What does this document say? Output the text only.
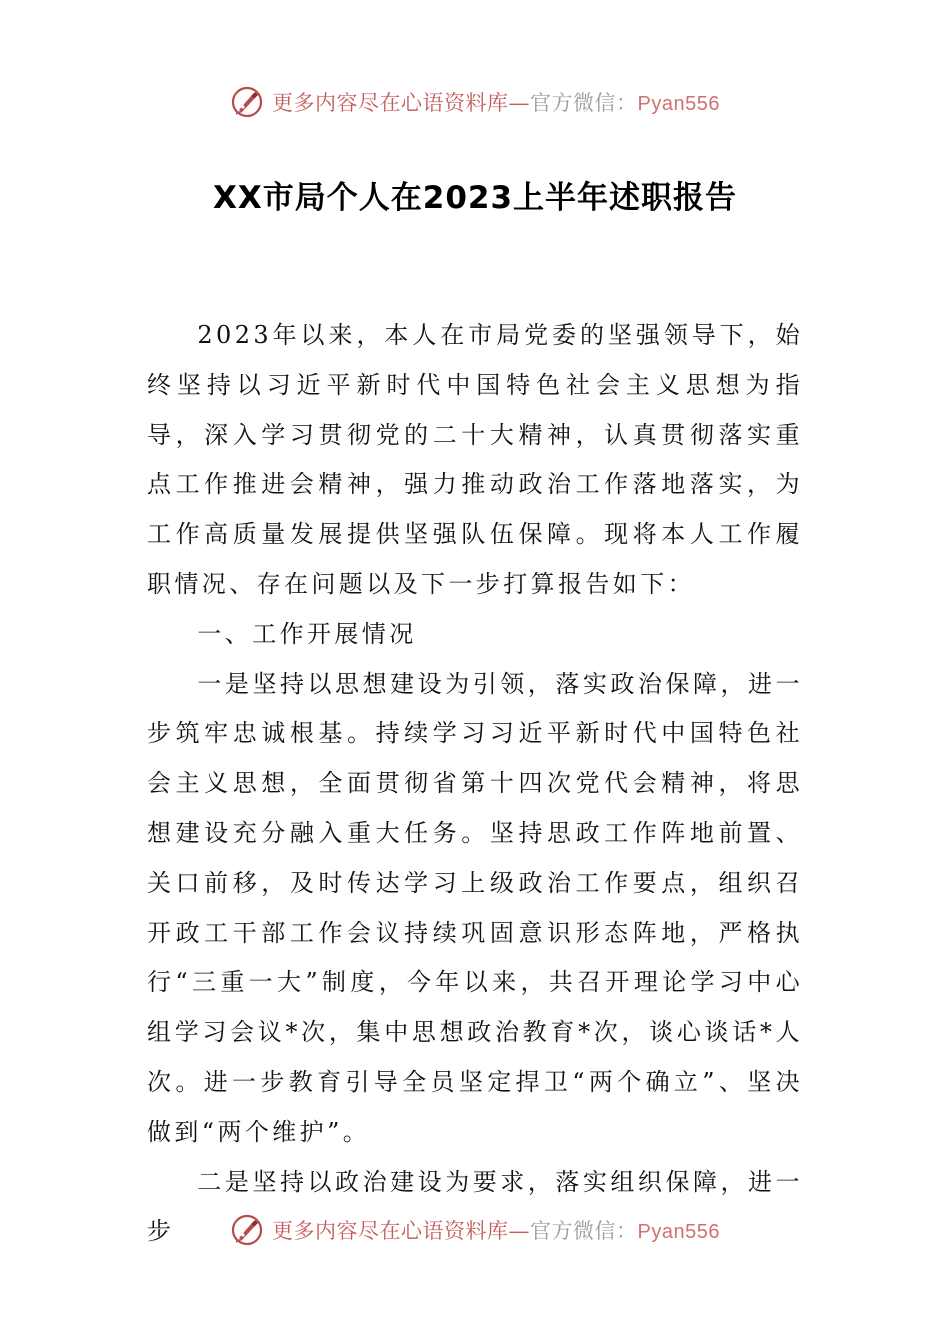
更多内容尽在心语资料库—官方微信：Pyan556
XX市局个人在2023上半年述职报告

2023年以来，本人在市局党委的坚强领导下，始终坚持以习近平新时代中国特色社会主义思想为指导，深入学习贯彻党的二十大精神，认真贯彻落实重点工作推进会精神，强力推动政治工作落地落实，为工作高质量发展提供坚强队伍保障。现将本人工作履职情况、存在问题以及下一步打算报告如下：

一、工作开展情况

一是坚持以思想建设为引领，落实政治保障，进一步筑牢忠诚根基。持续学习习近平新时代中国特色社会主义思想，全面贯彻省第十四次党代会精神，将思想建设充分融入重大任务。坚持思政工作阵地前置、关口前移，及时传达学习上级政治工作要点，组织召开政工干部工作会议持续巩固意识形态阵地，严格执行“三重一大”制度，今年以来，共召开理论学习中心组学习会议*次，集中思想政治教育*次，谈心谈话*人次。进一步教育引导全员坚定捍卫“两个确立”、坚决做到“两个维护”。

二是坚持以政治建设为要求，落实组织保障，进一步	更多内容尽在心语资料库—官方微信：Pyan556
